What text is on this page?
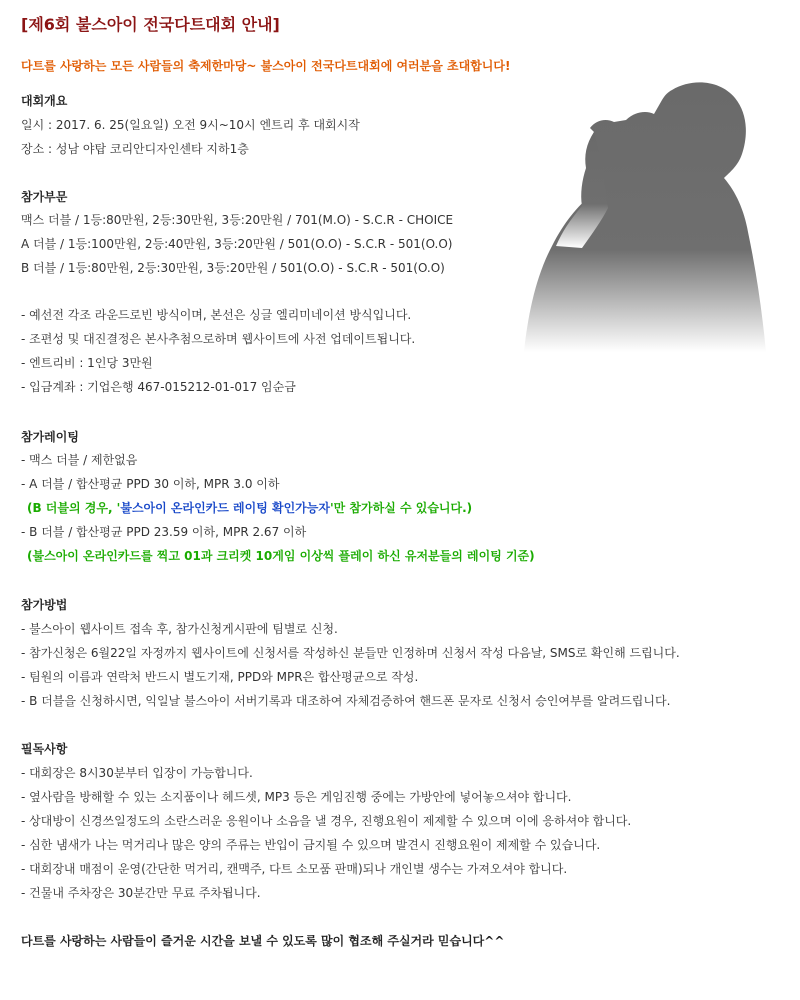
[제6회 불스아이 전국다트대회 안내]
다트를 사랑하는 모든 사람들의 축제한마당~ 불스아이 전국다트대회에 여러분을 초대합니다!
대회개요
일시 : 2017. 6. 25(일요일) 오전 9시~10시 엔트리 후 대회시작
장소 : 성남 야탑 코리안디자인센타 지하1층
참가부문
맥스 더블 / 1등:80만원, 2등:30만원, 3등:20만원 / 701(M.O) - S.C.R - CHOICE
A 더블 / 1등:100만원, 2등:40만원, 3등:20만원 / 501(O.O) - S.C.R - 501(O.O)
B 더블 / 1등:80만원, 2등:30만원, 3등:20만원 / 501(O.O) - S.C.R - 501(O.O)
- 예선전 각조 라운드로빈 방식이며, 본선은 싱글 엘리미네이션 방식입니다.
- 조편성 및 대진결정은 본사추첨으로하며 웹사이트에 사전 업데이트됩니다.
- 엔트리비 : 1인당 3만원
- 입금계좌 : 기업은행 467-015212-01-017 임순금
참가레이팅
- 맥스 더블 / 제한없음
- A 더블 / 합산평균 PPD 30 이하, MPR 3.0 이하
(B 더블의 경우, '불스아이 온라인카드 레이팅 확인가능자'만 참가하실 수 있습니다.)
- B 더블 / 합산평균 PPD 23.59 이하, MPR 2.67 이하
(불스아이 온라인카드를 찍고 01과 크리켓 10게임 이상씩 플레이 하신 유저분들의 레이팅 기준)
참가방법
- 불스아이 웹사이트 접속 후, 참가신청게시판에 팀별로 신청.
- 참가신청은 6월22일 자정까지 웹사이트에 신청서를 작성하신 분들만 인정하며 신청서 작성 다음날, SMS로 확인해 드립니다.
- 팀원의 이름과 연락처 반드시 별도기재, PPD와 MPR은 합산평균으로 작성.
- B 더블을 신청하시면, 익일날 불스아이 서버기록과 대조하여 자체검증하여 핸드폰 문자로 신청서 승인여부를 알려드립니다.
필독사항
- 대회장은 8시30분부터 입장이 가능합니다.
- 옆사람을 방해할 수 있는 소지품이나 헤드셋, MP3 등은 게임진행 중에는 가방안에 넣어놓으셔야 합니다.
- 상대방이 신경쓰일정도의 소란스러운 응원이나 소음을 낼 경우, 진행요원이 제제할 수 있으며 이에 응하셔야 합니다.
- 심한 냄새가 나는 먹거리나 많은 양의 주류는 반입이 금지될 수 있으며 발견시 진행요원이 제제할 수 있습니다.
- 대회장내 매점이 운영(간단한 먹거리, 캔맥주, 다트 소모품 판매)되나 개인별 생수는 가져오셔야 합니다.
- 건물내 주차장은 30분간만 무료 주차됩니다.
다트를 사랑하는 사람들이 즐거운 시간을 보낼 수 있도록 많이 협조해 주실거라 믿습니다^^
